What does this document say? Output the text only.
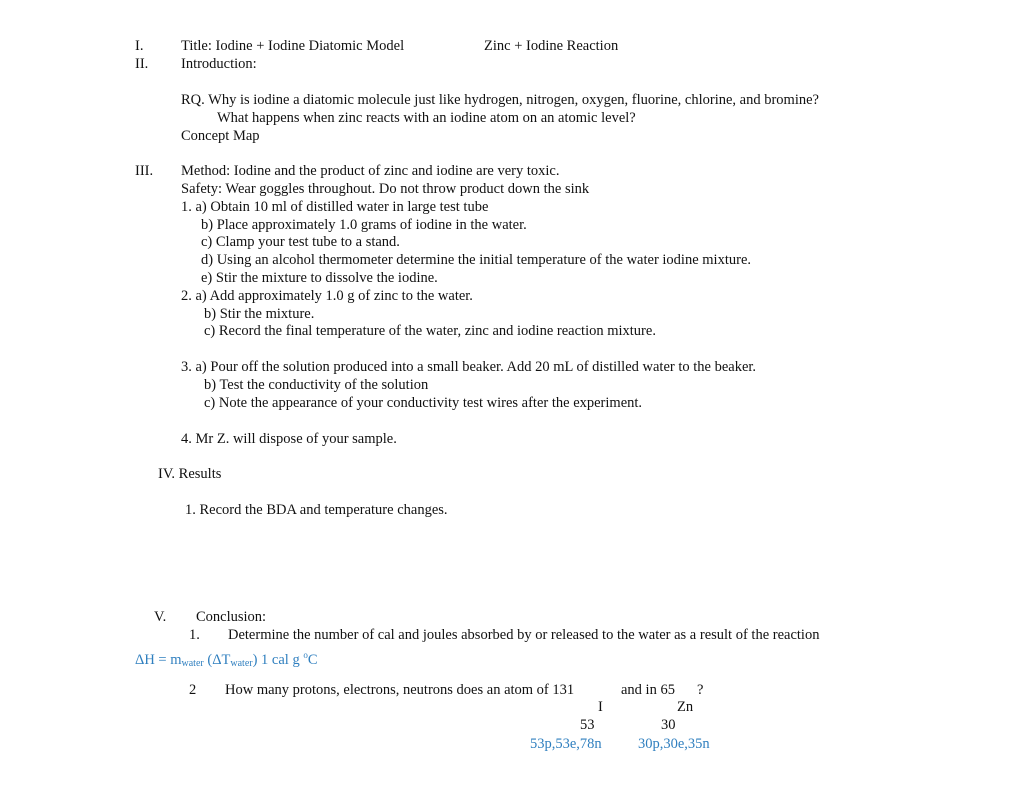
I.	Title: Iodine + Iodine Diatomic Model	Zinc + Iodine Reaction
II. Introduction:
RQ. Why is iodine a diatomic molecule just like hydrogen, nitrogen, oxygen, fluorine, chlorine, and bromine?
What happens when zinc reacts with an iodine atom on an atomic level?
Concept Map
III. Method: Iodine and the product of zinc and iodine are very toxic.
Safety: Wear goggles throughout. Do not throw product down the sink
1. a) Obtain 10 ml of distilled water in large test tube
b) Place approximately 1.0 grams of iodine in the water.
c) Clamp your test tube to a stand.
d) Using an alcohol thermometer determine the initial temperature of the water iodine mixture.
e) Stir the mixture to dissolve the iodine.
2. a) Add approximately 1.0 g of zinc to the water.
b) Stir the mixture.
c) Record the final temperature of the water, zinc and iodine reaction mixture.
3. a) Pour off the solution produced into a small beaker. Add 20 mL of distilled water to the beaker.
b) Test the conductivity of the solution
c) Note the appearance of your conductivity test wires after the experiment.
4. Mr Z. will dispose of your sample.
IV. Results
1. Record the BDA and temperature changes.
V. Conclusion:
1. Determine the number of cal and joules absorbed by or released to the water as a result of the reaction
$\Delta H = m_{water}$ $(\Delta T_{water})$ 1 cal g $^o$C
2 How many protons, electrons, neutrons does an atom of 131	and in 65 ?
I	Zn
53	30
53p,53e,78n	30p,30e,35n
